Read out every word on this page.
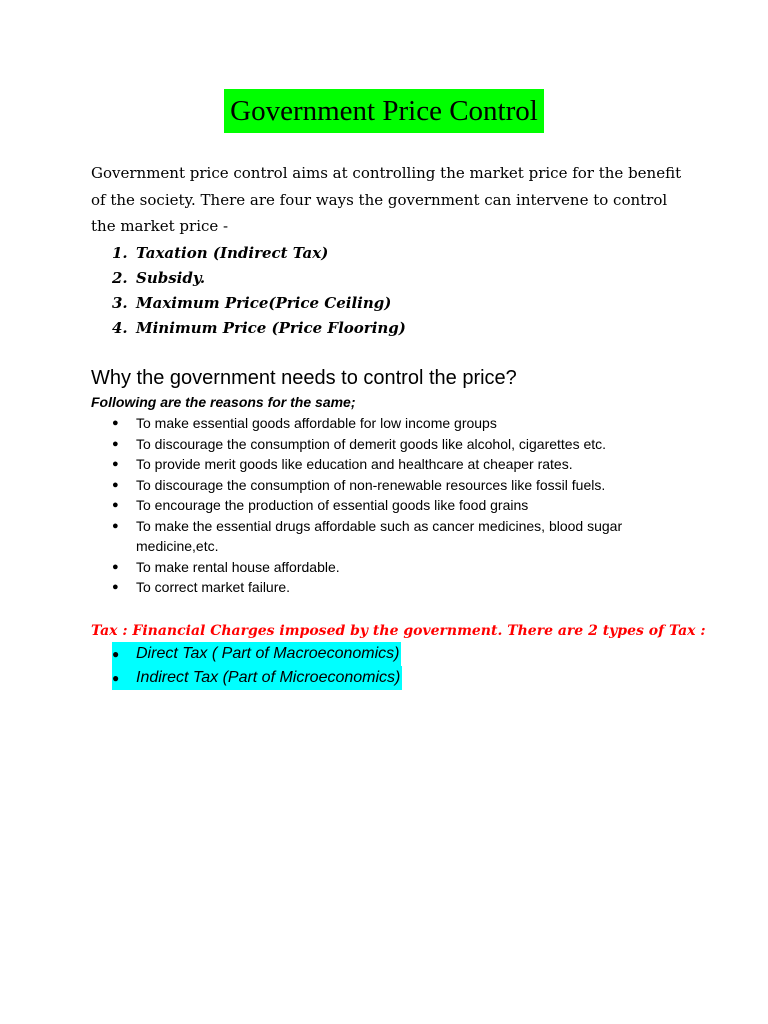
Government Price Control

Government price control aims at controlling the market price for the benefit of the society. There are four ways the government can intervene to control the market price -

1. Taxation (Indirect Tax)
2. Subsidy.
3. Maximum Price(Price Ceiling)
4. Minimum Price (Price Flooring)
Why the government needs to control the price?

Following are the reasons for the same;

●	To make essential goods affordable for low income groups
●	To discourage the consumption of demerit goods like alcohol, cigarettes etc.
●	To provide merit goods like education and healthcare at cheaper rates.
●	To discourage the consumption of non-renewable resources like fossil fuels.
●	To encourage the production of essential goods like food grains
●	To make the essential drugs affordable such as cancer medicines, blood sugar medicine,etc.
●	To make rental house affordable.
●	To correct market failure.

Tax : Financial Charges imposed by the government. There are 2 types of Tax :

● Direct Tax ( Part of Macroeconomics)
● Indirect Tax (Part of Microeconomics)
